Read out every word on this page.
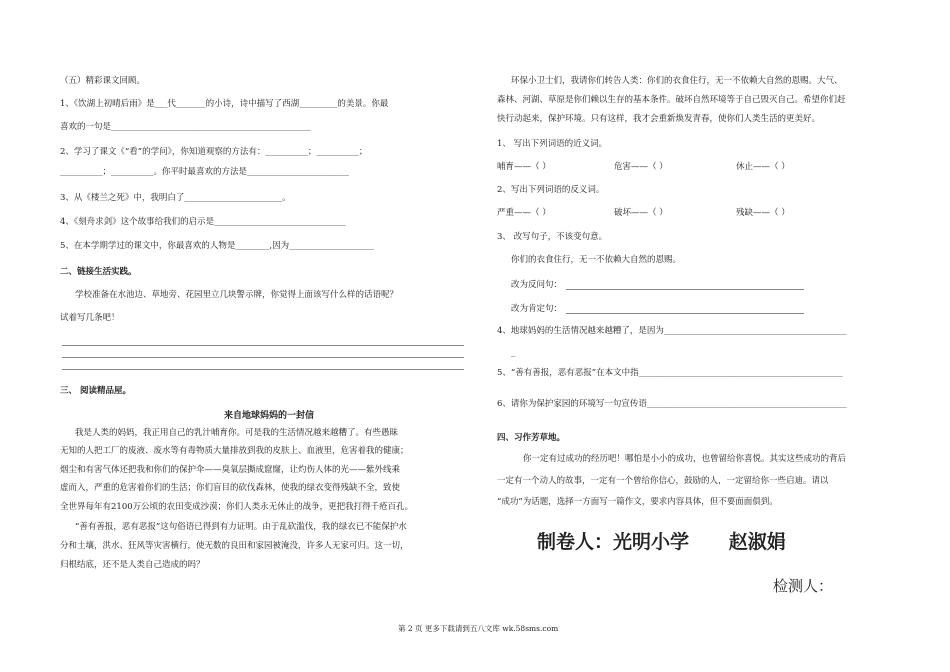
（五）精彩课文回顾。
1、《饮湖上初晴后雨》是___代_______的小诗，诗中描写了西湖_________的美景。你最
喜欢的一句是_______________________________________________
2、学习了课文《“看”的学问》，你知道观察的方法有：__________；__________；
__________；__________。你平时最喜欢的方法是________________________
3、从《楼兰之死》中，我明白了_______________________。
4、《刻舟求剑》这个故事给我们的启示是_______________________________
5、在本学期学过的课文中，你最喜欢的人物是________,因为____________________
二、链接生活实践。
学校准备在水池边、草地旁、花园里立几块警示牌，你觉得上面该写什么样的话语呢？
试着写几条吧！
三、 阅读精品屋。
来自地球妈妈的一封信
我是人类的妈妈，我正用自己的乳汁哺育你。可是我的生活情况越来越糟了。有些愚昧
无知的人把工厂的废液、废水等有毒物质大量排放到我的皮肤上、血液里，危害着我的健康；
烟尘和有害气体还把我和你们的保护伞——臭氧层撕成窟窿，让灼伤人体的光——紫外线乘
虚而入，严重的危害着你们的生活；你们盲目的砍伐森林，使我的绿衣变得残缺不全，致使
全世界每年有2100万公顷的农田变成沙漠；你们人类永无休止的战争，更把我打得千疮百孔。
“善有善报，恶有恶报”这句俗语已得到有力证明。由于乱砍滥伐，我的绿衣已不能保护水
分和土壤，洪水、狂风等灾害横行，使无数的良田和家园被淹没，许多人无家可归。这一切，
归根结底，还不是人类自己造成的吗？
环保小卫士们，我请你们转告人类：你们的衣食住行，无一不依赖大自然的恩赐。大气、
森林、河湖、草原是你们赖以生存的基本条件。破坏自然环境等于自己毁灭自己。希望你们赶
快行动起来，保护环境。只有这样，我才会重新焕发青春，使你们人类生活的更美好。
1、 写出下列词语的近义词。
哺育——（ ）	危害——（ ）	休止——（ ）
2、写出下列词语的反义词。
严重——（ ）	破坏——（ ）	残缺——（ ）
3、 改写句子，不该变句意。
你们的衣食住行，无一不依赖大自然的恩赐。
改为反问句：
改为肯定句：
4、地球妈妈的生活情况越来越糟了，是因为___________________________________________
_
5、“善有善报，恶有恶报”在本文中指________________________________________________
6、请你为保护家园的环境写一句宣传语_______________________________________________
四、习作芳草地。
你一定有过成功的经历吧！哪怕是小小的成功，也曾留给你喜悦。其实这些成功的背后
一定有一个动人的故事，一定有一个曾给你信心，鼓励的人，一定留给你一些启迪。请以
“成功”为话题，选择一方面写一篇作文，要求内容具体，但不要面面俱到。
制卷人：光明小学      赵淑娟
检测人：
第 2 页 更多下载请到五八文库 wk.58sms.com
